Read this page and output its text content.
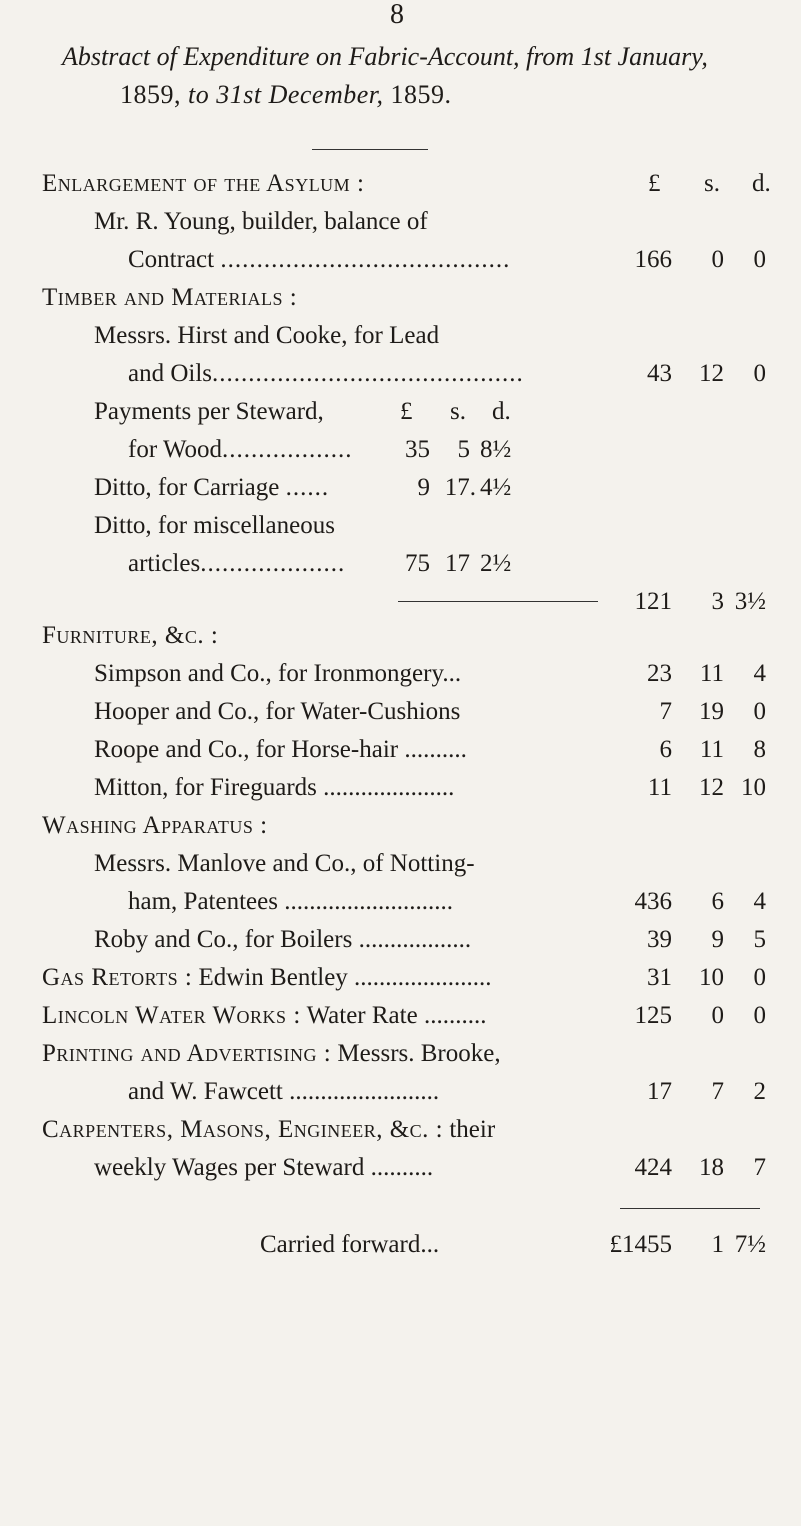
8
Abstract of Expenditure on Fabric-Account, from 1st January,
1859, to 31st December, 1859.
£ s. d.
Enlargement of the Asylum :
Mr. R. Young, builder, balance of
Contract ........................................	166	0	0
Timber and Materials :
Messrs. Hirst and Cooke, for Lead
and Oils...........................................	43	12	0
Payments per Steward,	£ s. d.
for Wood..................	35	5 8½
Ditto, for Carriage ......	9 17. 4½
Ditto, for miscellaneous
articles....................	75 17 2½
121	3 3½
Furniture, &c. :
Simpson and Co., for Ironmongery...	23	11	4
Hooper and Co., for Water-Cushions	7	19	0
Roope and Co., for Horse-hair ..........	6	11	8
Mitton, for Fireguards .....................	11	12 10
Washing Apparatus :
Messrs. Manlove and Co., of Notting-
ham, Patentees ...........................	436	6	4
Roby and Co., for Boilers ..................	39	9	5
Gas Retorts : Edwin Bentley ......................	31	10	0
Lincoln Water Works : Water Rate ..........	125	0	0
Printing and Advertising : Messrs. Brooke,
and W. Fawcett ........................	17	7	2
Carpenters, Masons, Engineer, &c. : their
weekly Wages per Steward ..........	424	18	7
Carried forward...	£1455	1 7½
